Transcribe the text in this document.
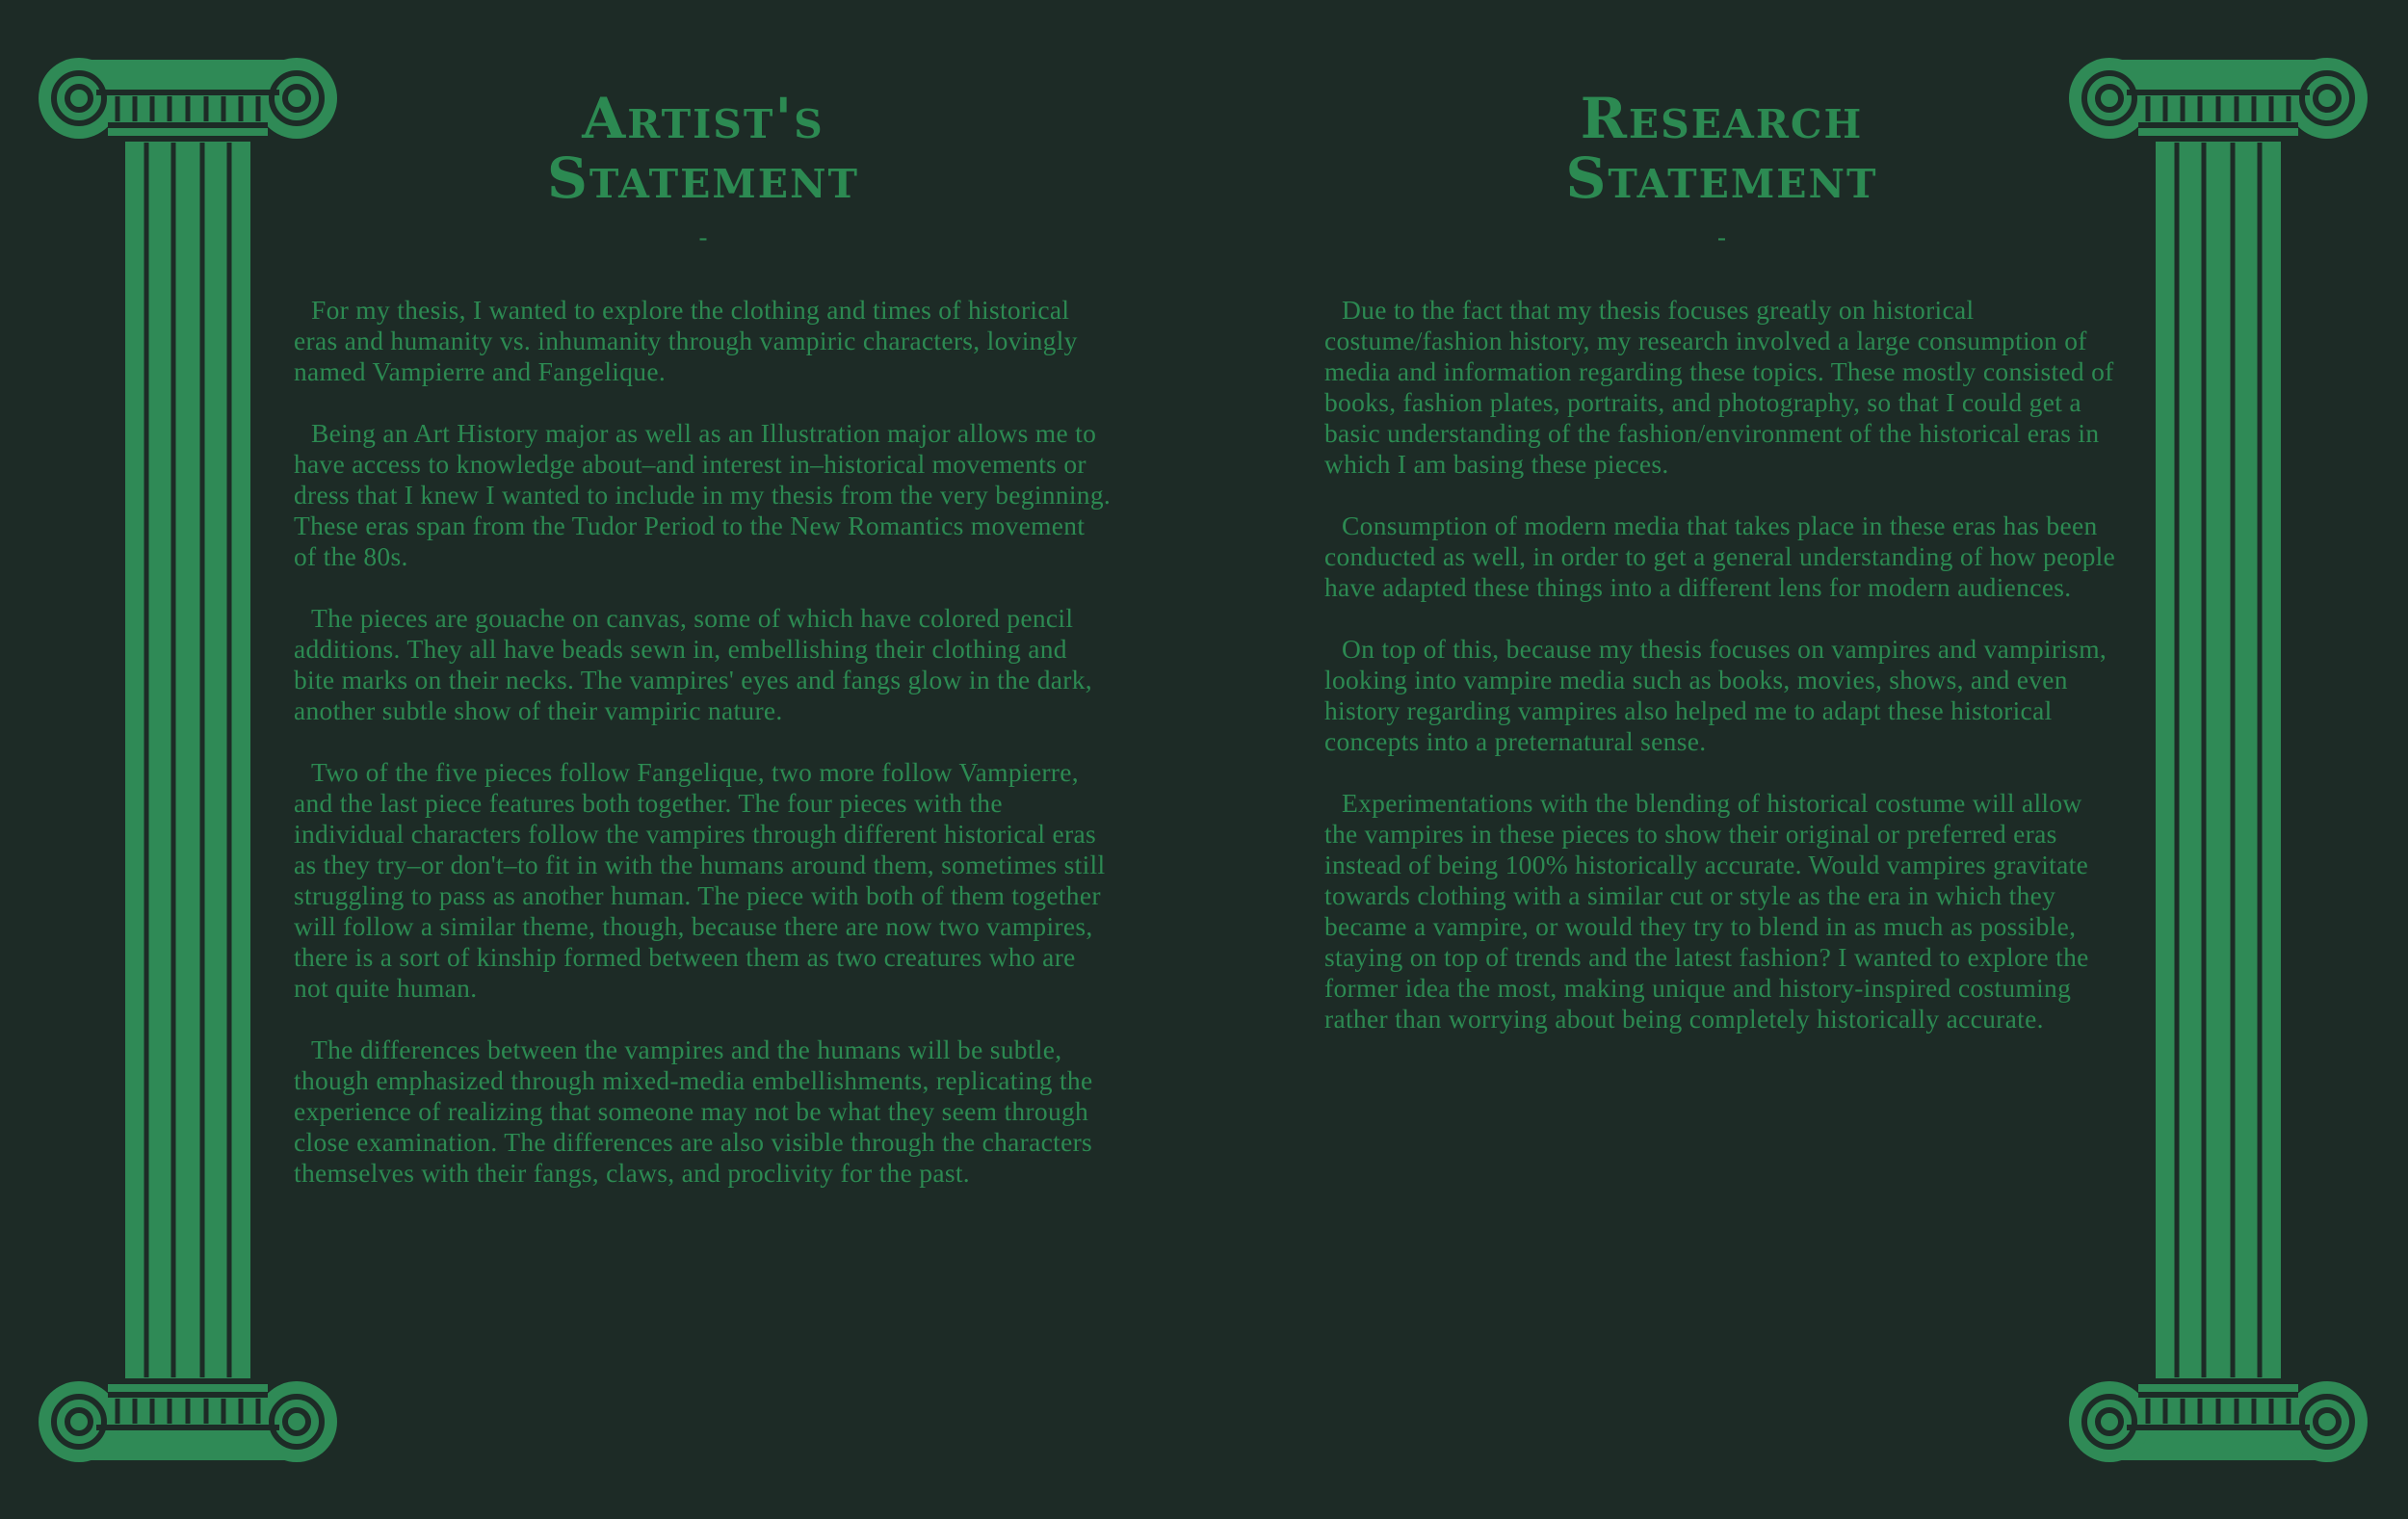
Artist's
Statement
-

For my thesis, I wanted to explore the clothing and times of historical eras and humanity vs. inhumanity through vampiric characters, lovingly named Vampierre and Fangelique.

Being an Art History major as well as an Illustration major allows me to have access to knowledge about–and interest in–historical movements or dress that I knew I wanted to include in my thesis from the very beginning. These eras span from the Tudor Period to the New Romantics movement of the 80s.

The pieces are gouache on canvas, some of which have colored pencil additions. They all have beads sewn in, embellishing their clothing and bite marks on their necks. The vampires' eyes and fangs glow in the dark, another subtle show of their vampiric nature.

Two of the five pieces follow Fangelique, two more follow Vampierre, and the last piece features both together. The four pieces with the individual characters follow the vampires through different historical eras as they try–or don't–to fit in with the humans around them, sometimes still struggling to pass as another human. The piece with both of them together will follow a similar theme, though, because there are now two vampires, there is a sort of kinship formed between them as two creatures who are not quite human.

The differences between the vampires and the humans will be subtle, though emphasized through mixed-media embellishments, replicating the experience of realizing that someone may not be what they seem through close examination. The differences are also visible through the characters themselves with their fangs, claws, and proclivity for the past.

Research
Statement
-

Due to the fact that my thesis focuses greatly on historical costume/fashion history, my research involved a large consumption of media and information regarding these topics. These mostly consisted of books, fashion plates, portraits, and photography, so that I could get a basic understanding of the fashion/environment of the historical eras in which I am basing these pieces.

Consumption of modern media that takes place in these eras has been conducted as well, in order to get a general understanding of how people have adapted these things into a different lens for modern audiences.

On top of this, because my thesis focuses on vampires and vampirism, looking into vampire media such as books, movies, shows, and even history regarding vampires also helped me to adapt these historical concepts into a preternatural sense.

Experimentations with the blending of historical costume will allow the vampires in these pieces to show their original or preferred eras instead of being 100% historically accurate. Would vampires gravitate towards clothing with a similar cut or style as the era in which they became a vampire, or would they try to blend in as much as possible, staying on top of trends and the latest fashion? I wanted to explore the former idea the most, making unique and history-inspired costuming rather than worrying about being completely historically accurate.
